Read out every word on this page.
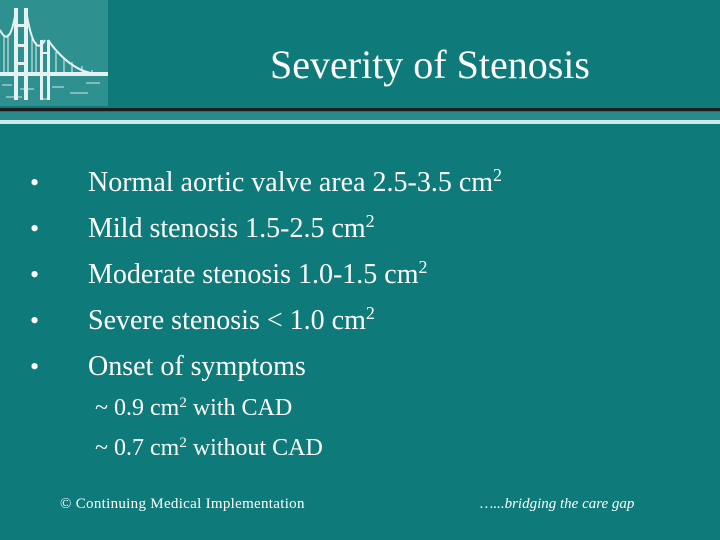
Severity of Stenosis
• Normal aortic valve area 2.5-3.5 $cm^2$
• Mild stenosis 1.5-2.5 $cm^2$
• Moderate stenosis 1.0-1.5 $cm^2$
• Severe stenosis < 1.0 $cm^2$
• Onset of symptoms
~ 0.9 $cm^2$ with CAD
~ 0.7 $cm^2$ without CAD
© Continuing Medical Implementation	…...bridging the care gap
